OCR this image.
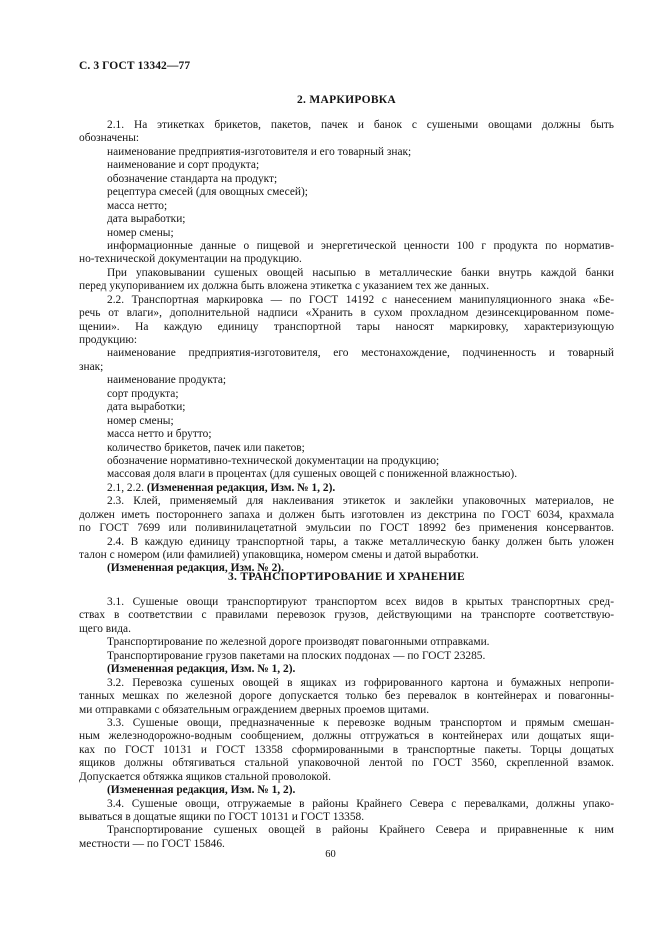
С. 3 ГОСТ 13342—77
2. МАРКИРОВКА
2.1. На этикетках брикетов, пакетов, пачек и банок с сушеными овощами должны быть
обозначены:
наименование предприятия-изготовителя и его товарный знак;
наименование и сорт продукта;
обозначение стандарта на продукт;
рецептура смесей (для овощных смесей);
масса нетто;
дата выработки;
номер смены;
информационные данные о пищевой и энергетической ценности 100 г продукта по норматив-
но-технической документации на продукцию.
При упаковывании сушеных овощей насыпью в металлические банки внутрь каждой банки
перед укупориванием их должна быть вложена этикетка с указанием тех же данных.
2.2. Транспортная маркировка — по ГОСТ 14192 с нанесением манипуляционного знака «Бе-
речь от влаги», дополнительной надписи «Хранить в сухом прохладном дезинсекцированном поме-
щении». На каждую единицу транспортной тары наносят маркировку, характеризующую
продукцию:
наименование предприятия-изготовителя, его местонахождение, подчиненность и товарный
знак;
наименование продукта;
сорт продукта;
дата выработки;
номер смены;
масса нетто и брутто;
количество брикетов, пачек или пакетов;
обозначение нормативно-технической документации на продукцию;
массовая доля влаги в процентах (для сушеных овощей с пониженной влажностью).
2.1, 2.2. (Измененная редакция, Изм. № 1, 2).
2.3. Клей, применяемый для наклеивания этикеток и заклейки упаковочных материалов, не
должен иметь постороннего запаха и должен быть изготовлен из декстрина по ГОСТ 6034, крахмала
по ГОСТ 7699 или поливинилацетатной эмульсии по ГОСТ 18992 без применения консервантов.
2.4. В каждую единицу транспортной тары, а также металлическую банку должен быть уложен
талон с номером (или фамилией) упаковщика, номером смены и датой выработки.
(Измененная редакция, Изм. № 2).
3. ТРАНСПОРТИРОВАНИЕ И ХРАНЕНИЕ
3.1. Сушеные овощи транспортируют транспортом всех видов в крытых транспортных сред-
ствах в соответствии с правилами перевозок грузов, действующими на транспорте соответствую-
щего вида.
Транспортирование по железной дороге производят повагонными отправками.
Транспортирование грузов пакетами на плоских поддонах — по ГОСТ 23285.
(Измененная редакция, Изм. № 1, 2).
3.2. Перевозка сушеных овощей в ящиках из гофрированного картона и бумажных непропи-
танных мешках по железной дороге допускается только без перевалок в контейнерах и повагонны-
ми отправками с обязательным ограждением дверных проемов щитами.
3.3. Сушеные овощи, предназначенные к перевозке водным транспортом и прямым смешан-
ным железнодорожно-водным сообщением, должны отгружаться в контейнерах или дощатых ящи-
ках по ГОСТ 10131 и ГОСТ 13358 сформированными в транспортные пакеты. Торцы дощатых
ящиков должны обтягиваться стальной упаковочной лентой по ГОСТ 3560, скрепленной взамок.
Допускается обтяжка ящиков стальной проволокой.
(Измененная редакция, Изм. № 1, 2).
3.4. Сушеные овощи, отгружаемые в районы Крайнего Севера с перевалками, должны упако-
вываться в дощатые ящики по ГОСТ 10131 и ГОСТ 13358.
Транспортирование сушеных овощей в районы Крайнего Севера и приравненные к ним
местности — по ГОСТ 15846.
60
